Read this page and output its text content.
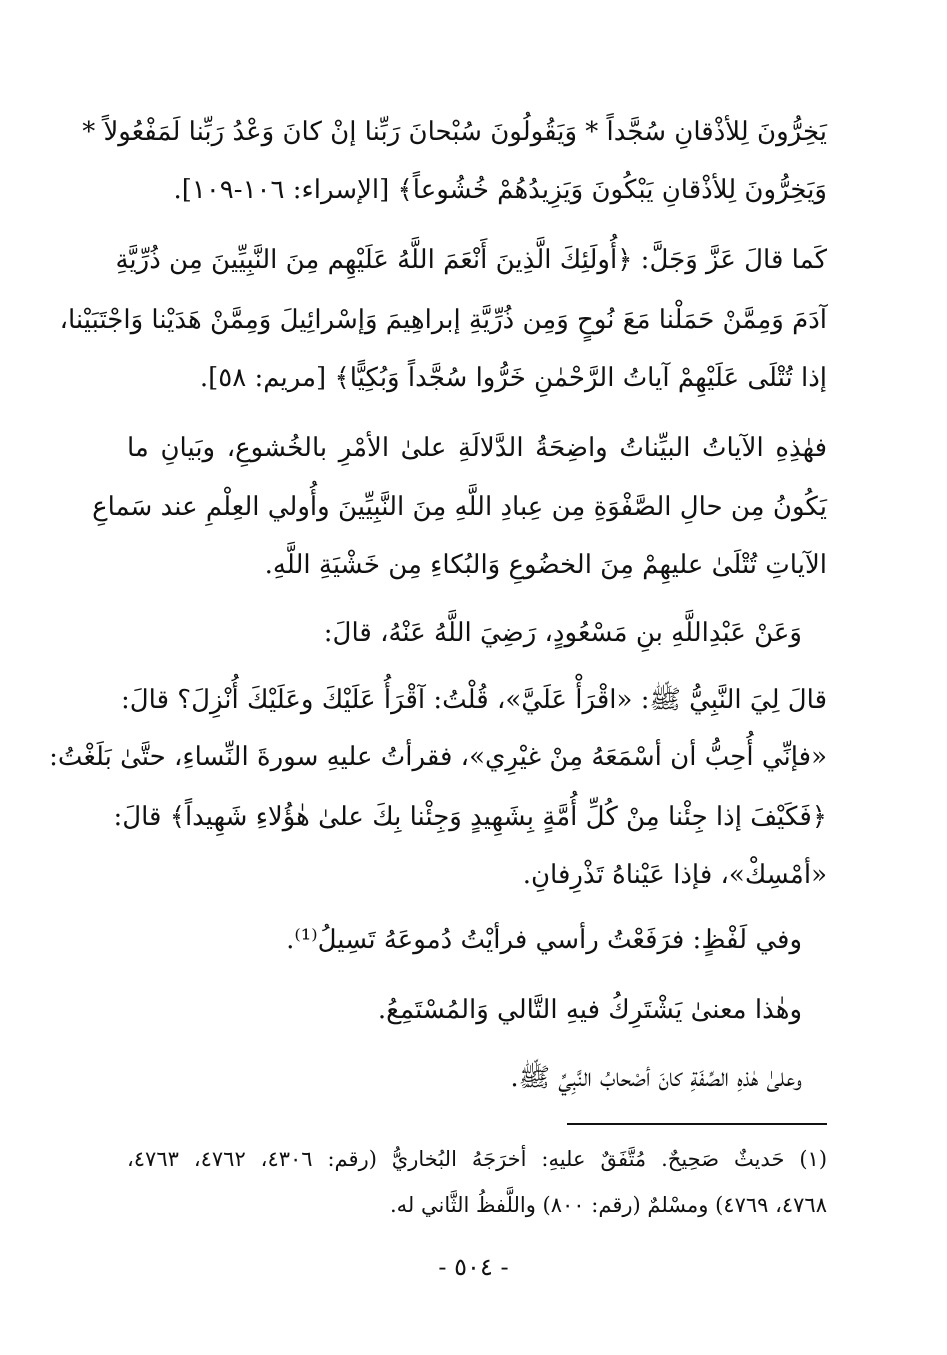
يَخِرُّونَ لِلأذْقانِ سُجَّداً * وَيَقُولُونَ سُبْحانَ رَبِّنا إنْ كانَ وَعْدُ رَبِّنا لَمَفْعُولاً *
وَيَخِرُّونَ لِلأذْقانِ يَبْكُونَ وَيَزِيدُهُمْ خُشُوعاً﴾ [الإسراء: ١٠٦-١٠٩].
كَما قالَ عَزَّ وَجَلَّ: ﴿أُولَئِكَ الَّذِينَ أَنْعَمَ اللَّهُ عَلَيْهِم مِنَ النَّبِيِّينَ مِن ذُرِّيَّةِ
آدَمَ وَمِمَّنْ حَمَلْنا مَعَ نُوحٍ وَمِن ذُرِّيَّةِ إبراهِيمَ وَإسْرائِيلَ وَمِمَّنْ هَدَيْنا وَاجْتَبَيْنا،
إذا تُتْلَى عَلَيْهِمْ آياتُ الرَّحْمٰنِ خَرُّوا سُجَّداً وَبُكِيًّا﴾ [مريم: ٥٨].
فهٰذِهِ الآياتُ البيِّناتُ واضِحَةُ الدَّلالَةِ علىٰ الأمْرِ بالخُشوعِ، وبَيانِ ما
يَكُونُ مِن حالِ الصَّفْوَةِ مِن عِبادِ اللَّهِ مِنَ النَّبِيِّينَ وأُولي العِلْمِ عند سَماعِ
الآياتِ تُتْلَىٰ عليهِمْ مِنَ الخضُوعِ وَالبُكاءِ مِن خَشْيَةِ اللَّهِ.
وَعَنْ عَبْدِاللَّهِ بنِ مَسْعُودٍ، رَضِيَ اللَّهُ عَنْهُ، قالَ:
قالَ لِيَ النَّبِيُّ ﷺ: «اقْرَأْ عَلَيَّ»، قُلْتُ: آقْرَأُ عَلَيْكَ وعَلَيْكَ أُنْزِلَ؟ قالَ:
«فإنِّي أُحِبُّ أن أسْمَعَهُ مِنْ غيْرِي»، فقرأتُ عليهِ سورةَ النِّساءِ، حتَّىٰ بَلَغْتُ:
﴿فَكَيْفَ إذا جِئْنا مِنْ كُلِّ أُمَّةٍ بِشَهِيدٍ وَجِئْنا بِكَ علىٰ هٰؤُلاءِ شَهِيداً﴾ قالَ:
«أمْسِكْ»، فإذا عَيْناهُ تَذْرِفانِ.
وفي لَفْظٍ: فرَفَعْتُ رأسي فرأيْتُ دُموعَهُ تَسِيلُ⁽¹⁾.
وهٰذا معنىٰ يَشْتَرِكُ فيهِ التَّالي وَالمُسْتَمِعُ.
وعلىٰ هٰذهِ الصِّفَةِ كانَ أصْحابُ النَّبِيِّ ﷺ.
(١) حَديثٌ صَحِيحٌ. مُتَّفَقٌ عليهِ: أخرَجَهُ البُخاريُّ (رقم: ٤٣٠٦، ٤٧٦٢، ٤٧٦٣،
٤٧٦٨، ٤٧٦٩) ومسْلمٌ (رقم: ٨٠٠) واللَّفظُ الثَّاني له.
- ٥٠٤ -
